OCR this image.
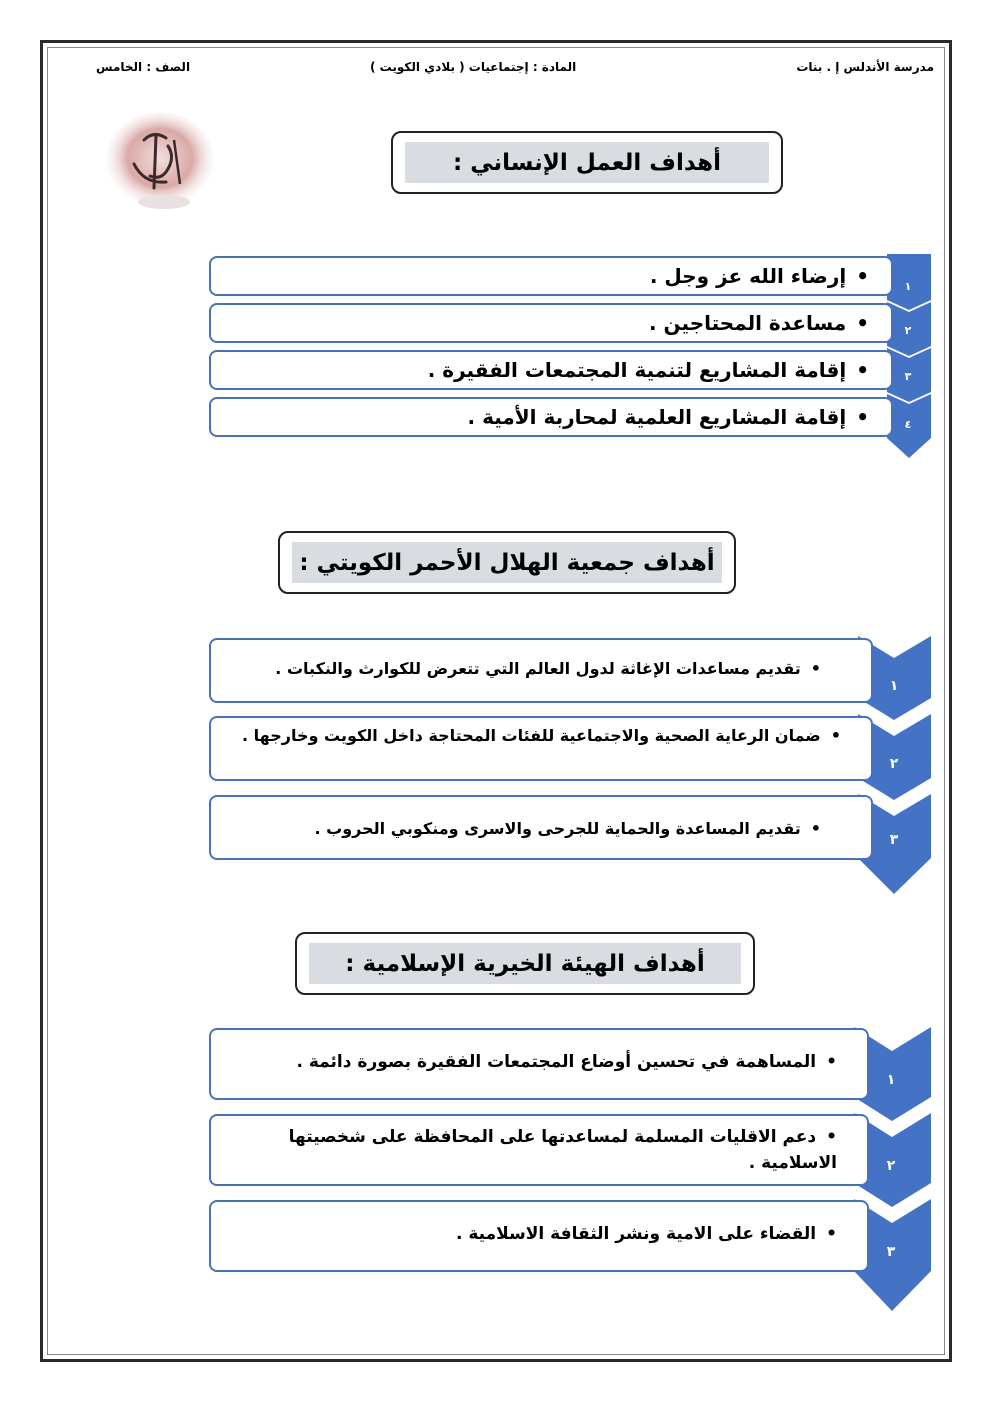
مدرسة الأندلس إ . بنات
المادة : إجتماعيات ( بلادي الكويت )
الصف : الخامس
أهداف العمل الإنساني :
١
٢
٣
٤
•إرضاء الله عز وجل .
•مساعدة المحتاجين .
•إقامة المشاريع لتنمية المجتمعات الفقيرة .
•إقامة المشاريع العلمية لمحاربة الأمية .
أهداف جمعية الهلال الأحمر الكويتي :
١
٢
٣
•تقديم مساعدات الإغاثة لدول العالم التي تتعرض للكوارث والنكبات .
•ضمان الرعاية الصحية والاجتماعية للفئات المحتاجة داخل الكويت وخارجها .
•تقديم المساعدة والحماية للجرحى والاسرى ومنكوبي الحروب .
أهداف الهيئة الخيرية الإسلامية :
١
٢
٣
•المساهمة في تحسين أوضاع المجتمعات الفقيرة بصورة دائمة .
•دعم الاقليات المسلمة لمساعدتها على المحافظة على شخصيتها الاسلامية .
•القضاء على الامية ونشر الثقافة الاسلامية .
